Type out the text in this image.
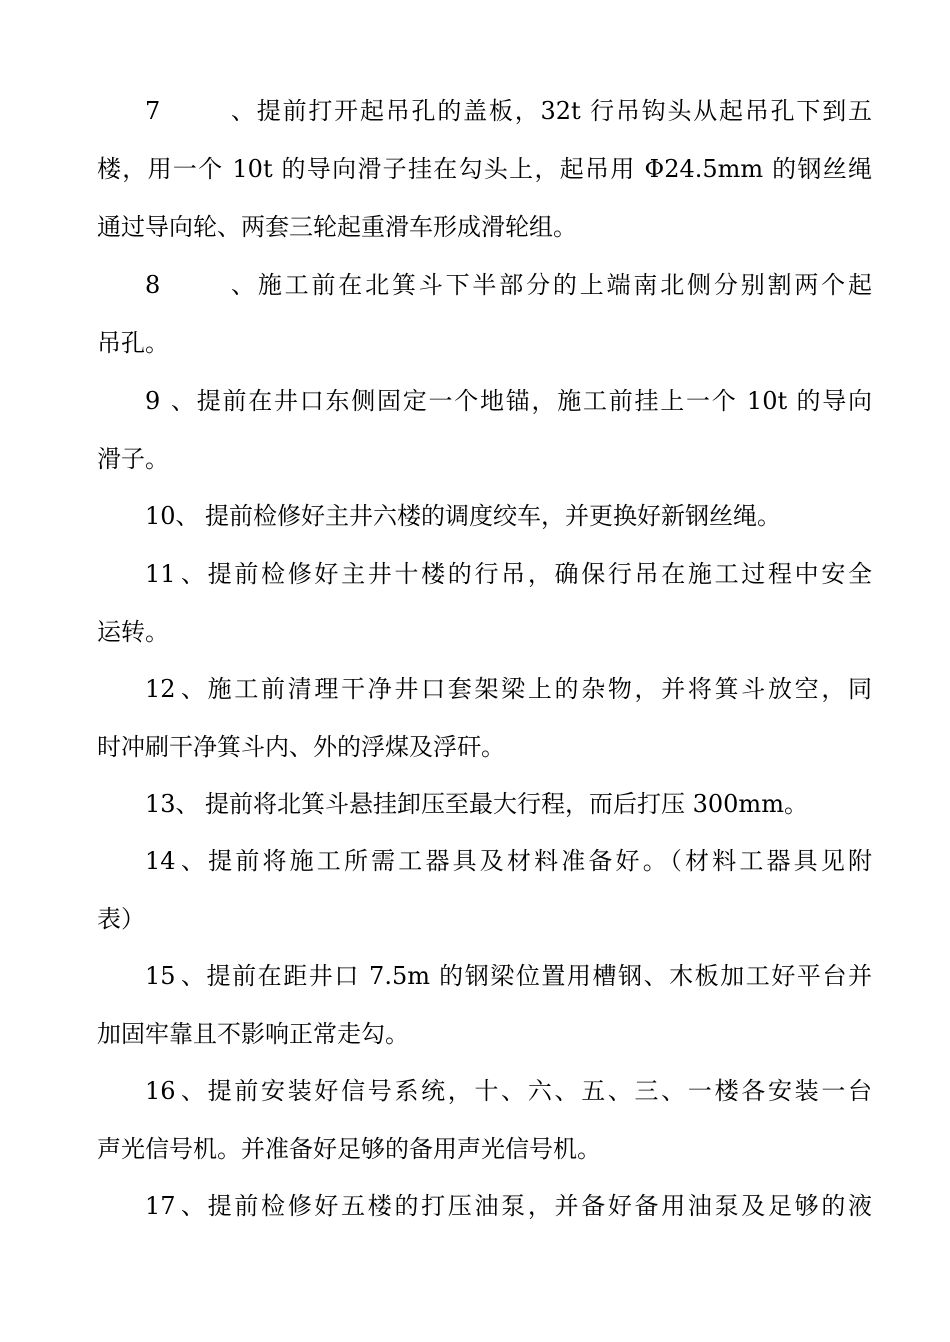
7、提前打开起吊孔的盖板，32t 行吊钩头从起吊孔下到五
楼，用一个 10t 的导向滑子挂在勾头上，起吊用 Φ24.5mm 的钢丝绳
通过导向轮、两套三轮起重滑车形成滑轮组。
8、施工前在北箕斗下半部分的上端南北侧分别割两个起
吊孔。
9、提前在井口东侧固定一个地锚，施工前挂上一个 10t 的导向
滑子。
10、 提前检修好主井六楼的调度绞车，并更换好新钢丝绳。
11、提前检修好主井十楼的行吊，确保行吊在施工过程中安全
运转。
12、施工前清理干净井口套架梁上的杂物，并将箕斗放空，同
时冲刷干净箕斗内、外的浮煤及浮矸。
13、 提前将北箕斗悬挂卸压至最大行程，而后打压 300mm。
14、提前将施工所需工器具及材料准备好。（材料工器具见附
表）
15、提前在距井口 7.5m 的钢梁位置用槽钢、木板加工好平台并
加固牢靠且不影响正常走勾。
16、提前安装好信号系统，十、六、五、三、一楼各安装一台
声光信号机。并准备好足够的备用声光信号机。
17、提前检修好五楼的打压油泵，并备好备用油泵及足够的液
